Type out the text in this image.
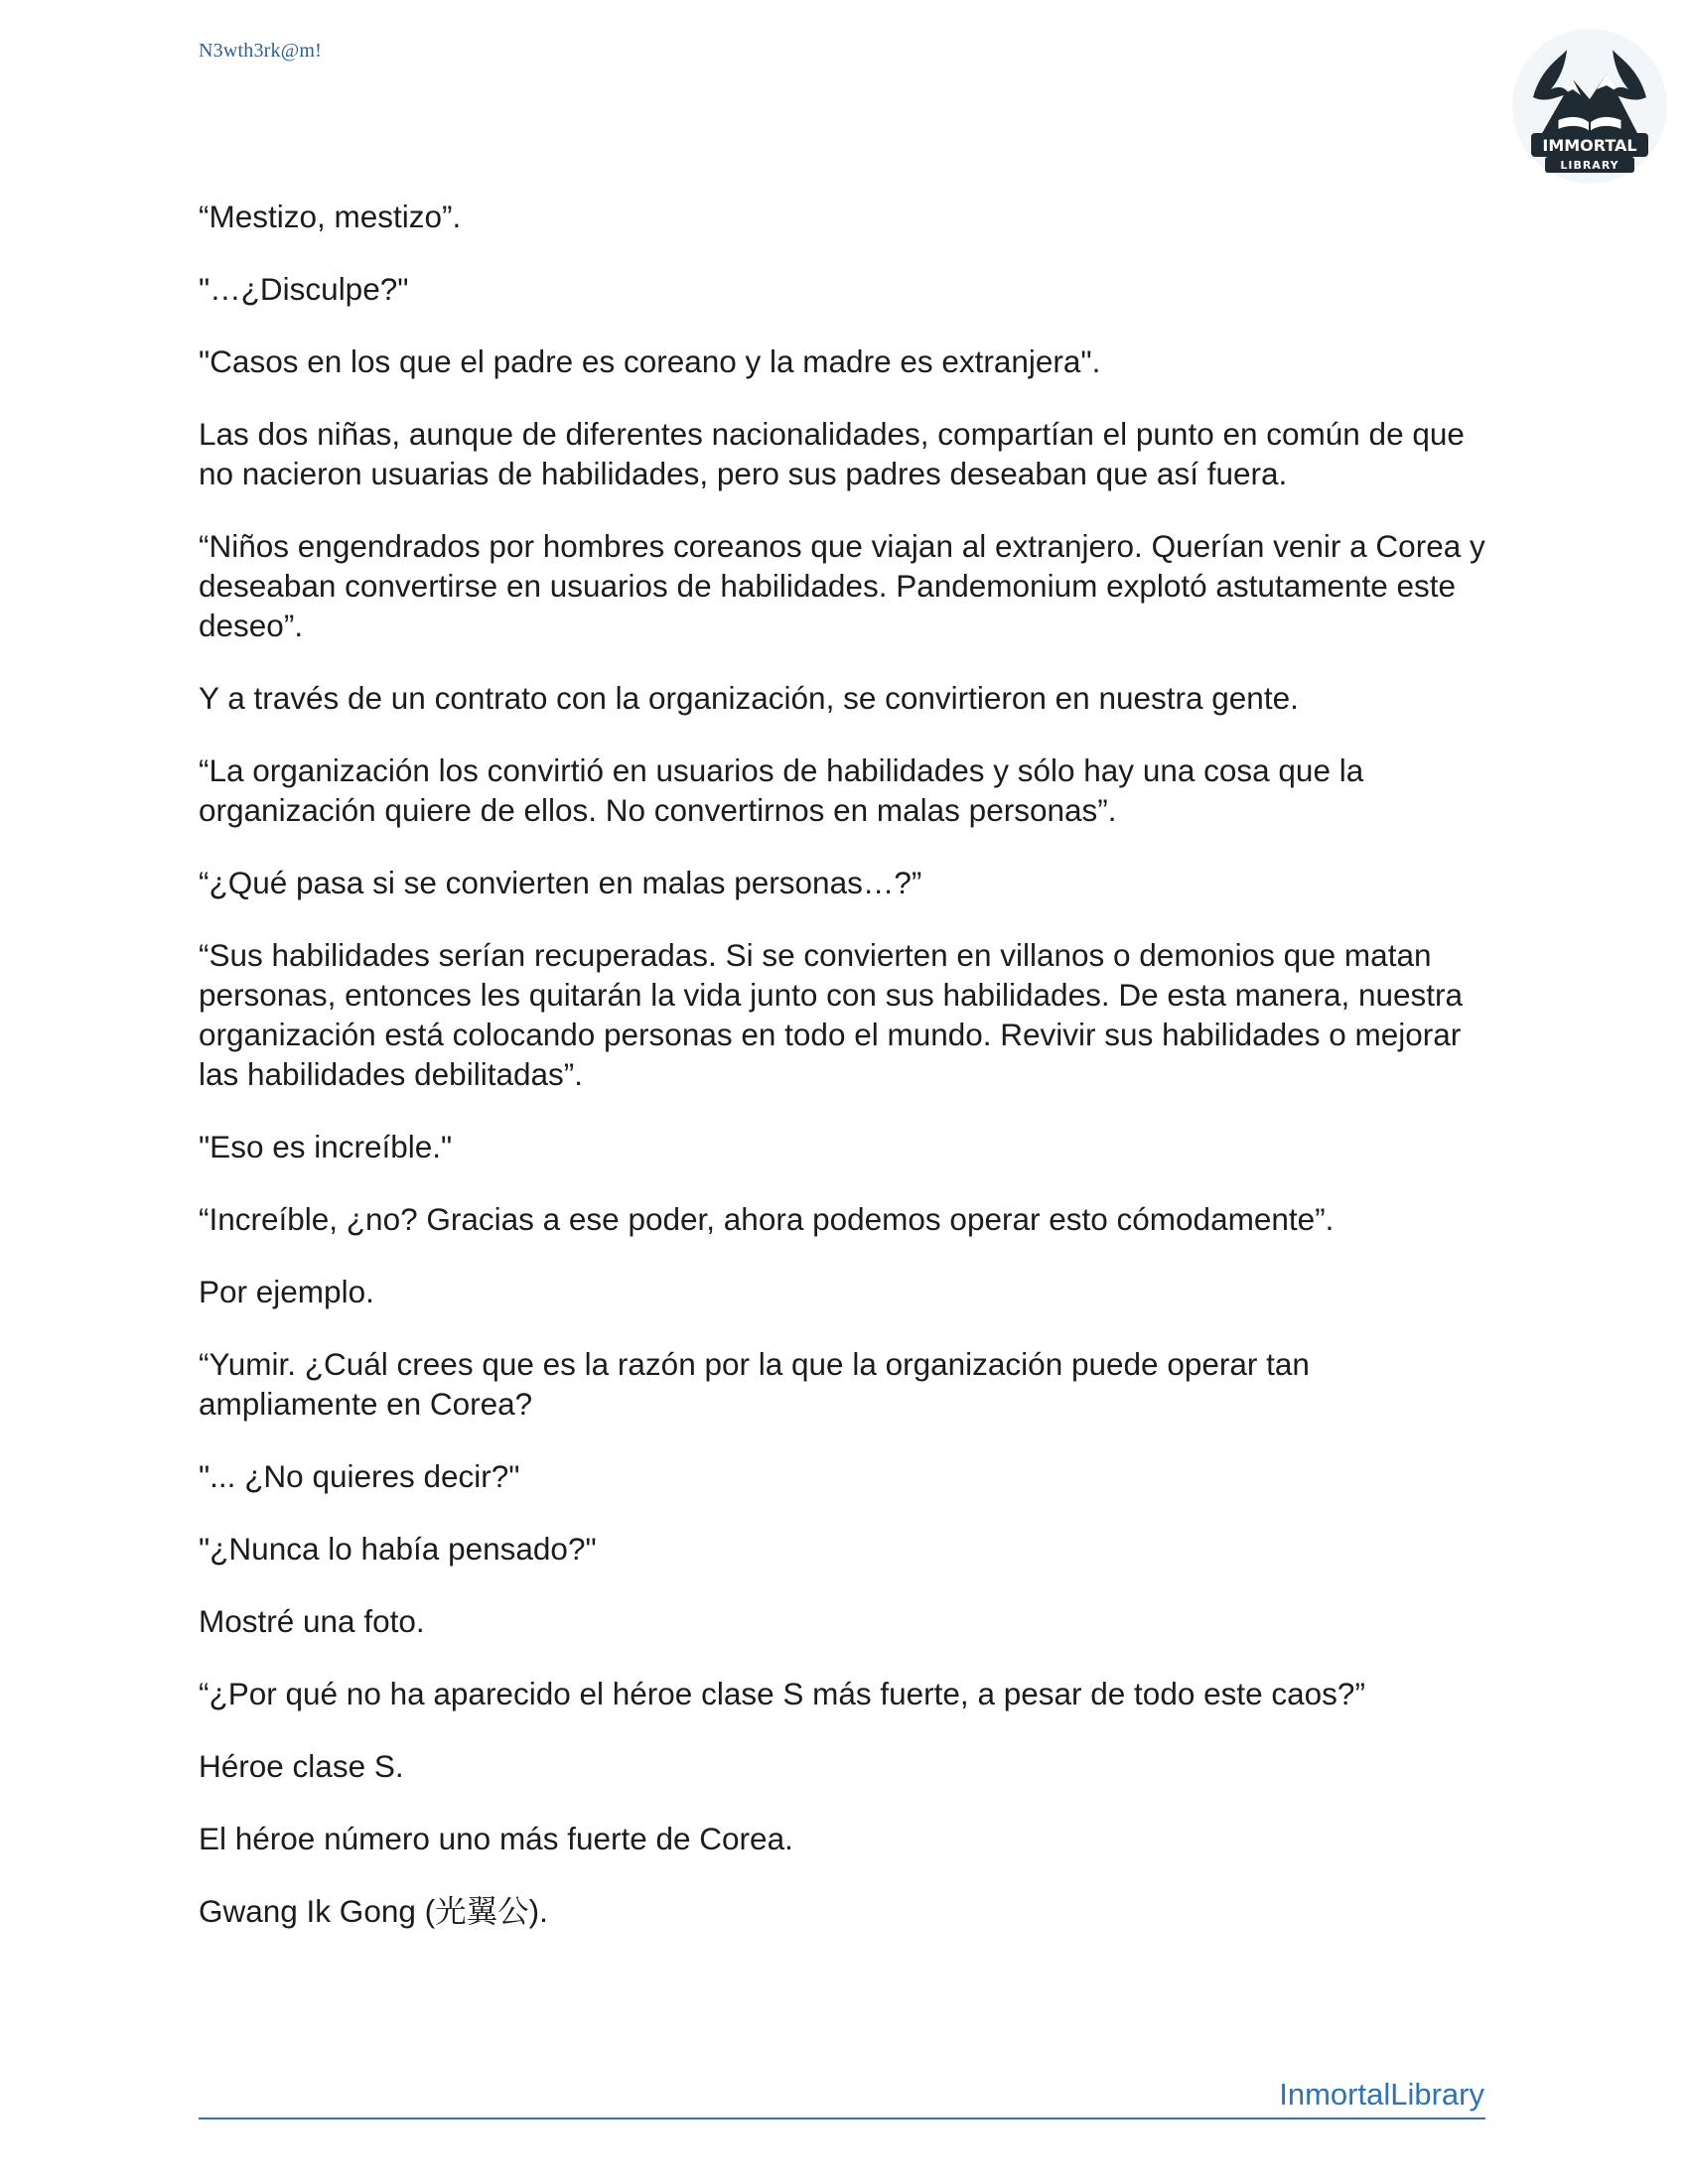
N3wth3rk@m!
IMMORTAL
LIBRARY

“Mestizo, mestizo”.

"…¿Disculpe?"

"Casos en los que el padre es coreano y la madre es extranjera".

Las dos niñas, aunque de diferentes nacionalidades, compartían el punto en común de que no nacieron usuarias de habilidades, pero sus padres deseaban que así fuera.

“Niños engendrados por hombres coreanos que viajan al extranjero. Querían venir a Corea y deseaban convertirse en usuarios de habilidades. Pandemonium explotó astutamente este deseo”.

Y a través de un contrato con la organización, se convirtieron en nuestra gente.

“La organización los convirtió en usuarios de habilidades y sólo hay una cosa que la organización quiere de ellos. No convertirnos en malas personas”.

“¿Qué pasa si se convierten en malas personas…?”

“Sus habilidades serían recuperadas. Si se convierten en villanos o demonios que matan personas, entonces les quitarán la vida junto con sus habilidades. De esta manera, nuestra organización está colocando personas en todo el mundo. Revivir sus habilidades o mejorar las habilidades debilitadas”.

"Eso es increíble."

“Increíble, ¿no? Gracias a ese poder, ahora podemos operar esto cómodamente”.

Por ejemplo.

“Yumir. ¿Cuál crees que es la razón por la que la organización puede operar tan ampliamente en Corea?

"... ¿No quieres decir?"

"¿Nunca lo había pensado?"

Mostré una foto.

“¿Por qué no ha aparecido el héroe clase S más fuerte, a pesar de todo este caos?”

Héroe clase S.

El héroe número uno más fuerte de Corea.

Gwang Ik Gong (光翼公).

InmortalLibrary
